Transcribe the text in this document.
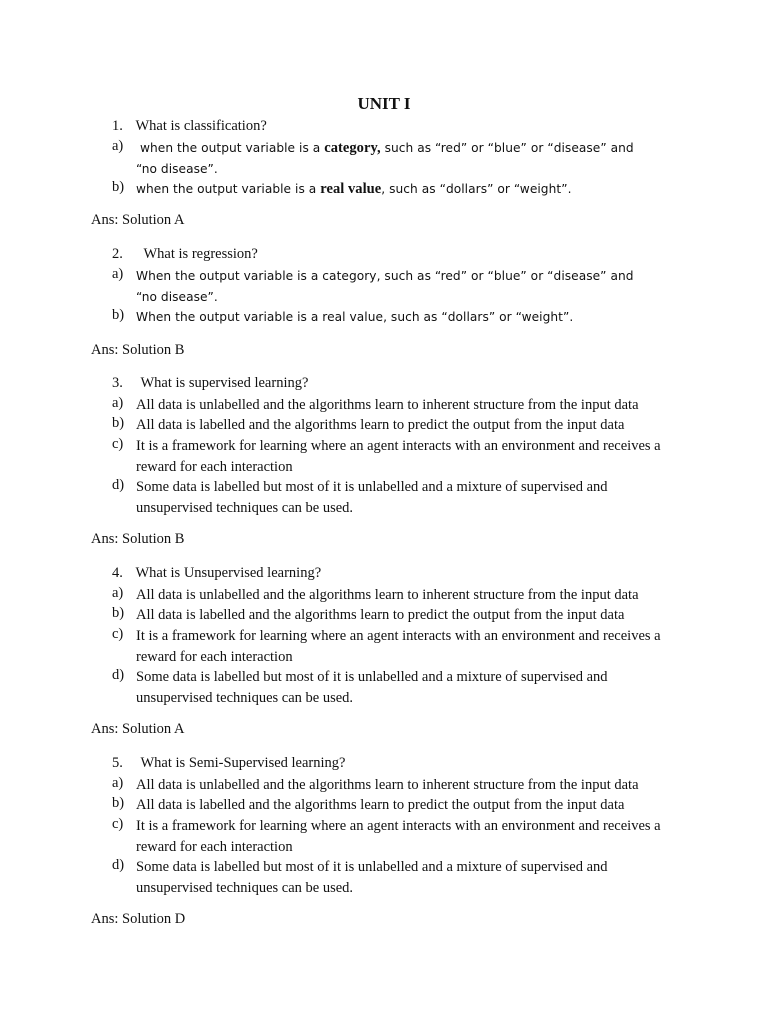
UNIT I
1. What is classification?
a)	when the output variable is a category, such as “red” or “blue” or “disease” and “no disease”.
b) when the output variable is a real value, such as “dollars” or “weight”.
Ans: Solution A
2. What is regression?
a) When the output variable is a category, such as “red” or “blue” or “disease” and “no disease”.
b) When the output variable is a real value, such as “dollars” or “weight”.
Ans: Solution B
3. What is supervised learning?
a) All data is unlabelled and the algorithms learn to inherent structure from the input data
b) All data is labelled and the algorithms learn to predict the output from the input data
c) It is a framework for learning where an agent interacts with an environment and receives a reward for each interaction
d) Some data is labelled but most of it is unlabelled and a mixture of supervised and unsupervised techniques can be used.
Ans: Solution B
4. What is Unsupervised learning?
a) All data is unlabelled and the algorithms learn to inherent structure from the input data
b) All data is labelled and the algorithms learn to predict the output from the input data
c) It is a framework for learning where an agent interacts with an environment and receives a reward for each interaction
d) Some data is labelled but most of it is unlabelled and a mixture of supervised and unsupervised techniques can be used.
Ans: Solution A
5. What is Semi-Supervised learning?
a) All data is unlabelled and the algorithms learn to inherent structure from the input data
b) All data is labelled and the algorithms learn to predict the output from the input data
c) It is a framework for learning where an agent interacts with an environment and receives a reward for each interaction
d) Some data is labelled but most of it is unlabelled and a mixture of supervised and unsupervised techniques can be used.
Ans: Solution D
